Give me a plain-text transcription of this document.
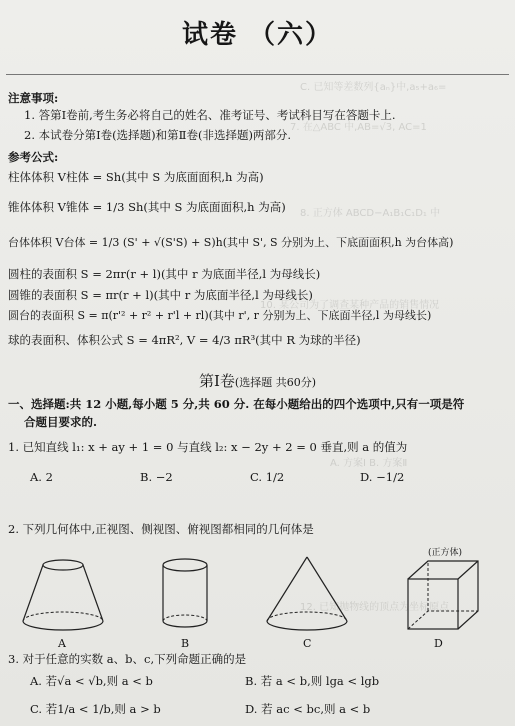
C. 已知等差数列{aₙ}中,a₅+a₆=
7. 在△ABC 中,AB=√3, AC=1
8. 正方体 ABCD−A₁B₁C₁D₁ 中
10. 某公司为了调查某种产品的销售情况
A. 方案Ⅰ B. 方案Ⅱ
12. 已知抛物线的顶点为坐标原点
试卷 （六）
注意事项:
1. 答第Ⅰ卷前,考生务必将自己的姓名、准考证号、考试科目写在答题卡上.
2. 本试卷分第Ⅰ卷(选择题)和第Ⅱ卷(非选择题)两部分.
参考公式:
柱体体积 V柱体 = Sh(其中 S 为底面面积,h 为高)
锥体体积 V锥体 = 1/3 Sh(其中 S 为底面面积,h 为高)
台体体积 V台体 = 1/3 (S' + √(S'S) + S)h(其中 S', S 分别为上、下底面面积,h 为台体高)
圆柱的表面积 S = 2πr(r + l)(其中 r 为底面半径,l 为母线长)
圆锥的表面积 S = πr(r + l)(其中 r 为底面半径,l 为母线长)
圆台的表面积 S = π(r'² + r² + r'l + rl)(其中 r', r 分别为上、下底面半径,l 为母线长)
球的表面积、体积公式 S = 4πR², V = 4/3 πR³(其中 R 为球的半径)
第Ⅰ卷(选择题 共60分)
一、选择题:共 12 小题,每小题 5 分,共 60 分. 在每小题给出的四个选项中,只有一项是符
合题目要求的.
1. 已知直线 l₁: x + ay + 1 = 0 与直线 l₂: x − 2y + 2 = 0 垂直,则 a 的值为
A. 2	B. −2	C. 1/2	D. −1/2
2. 下列几何体中,正视图、侧视图、俯视图都相同的几何体是
(正方体)
A	B	C	D
3. 对于任意的实数 a、b、c,下列命题正确的是
A. 若√a < √b,则 a < b	B. 若 a < b,则 lga < lgb
C. 若1/a < 1/b,则 a > b	D. 若 ac < bc,则 a < b
